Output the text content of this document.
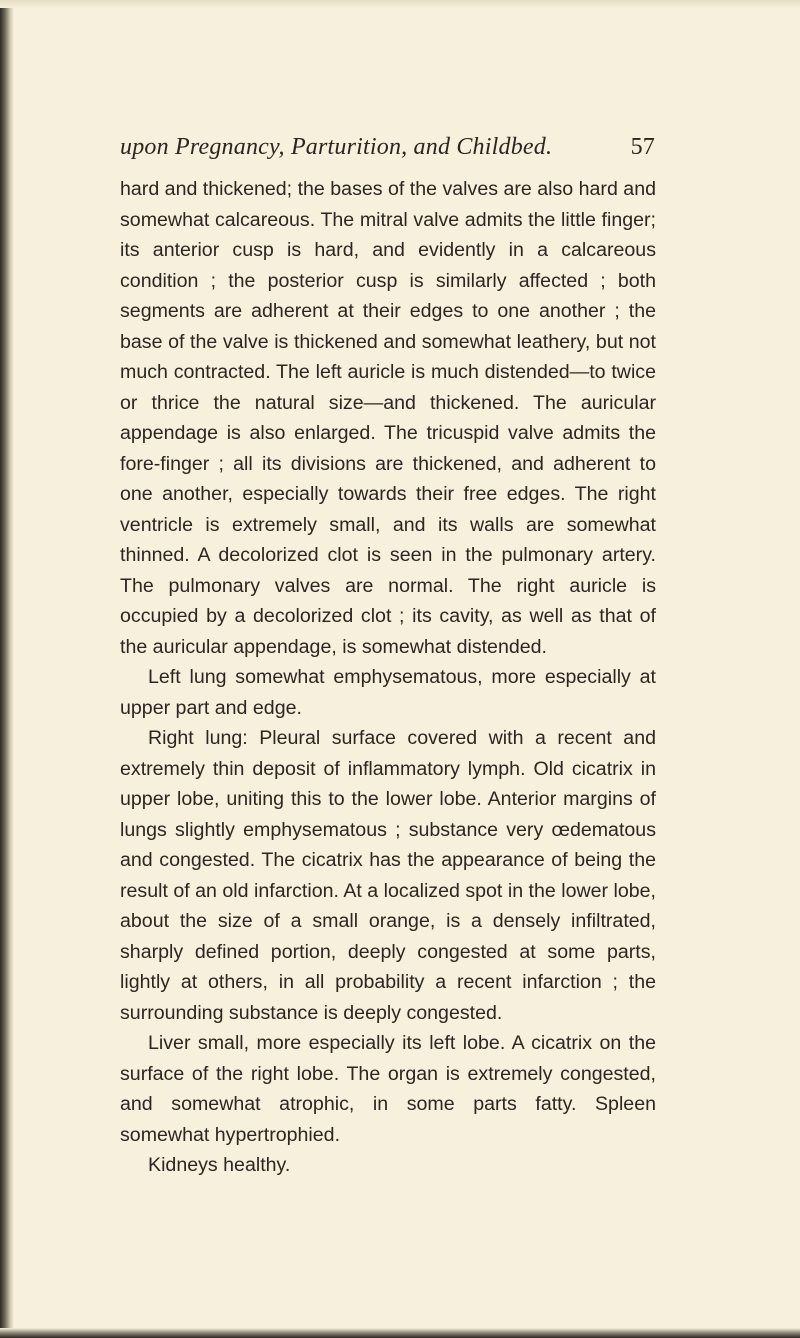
upon Pregnancy, Parturition, and Childbed.	57

hard and thickened; the bases of the valves are also hard and somewhat calcareous. The mitral valve admits the little finger; its anterior cusp is hard, and evidently in a calcareous condition ; the posterior cusp is similarly affected ; both segments are adherent at their edges to one another ; the base of the valve is thickened and somewhat leathery, but not much contracted. The left auricle is much distended—to twice or thrice the natural size—and thickened. The auricular appendage is also enlarged. The tricuspid valve admits the fore-finger ; all its divisions are thickened, and adherent to one another, especially towards their free edges. The right ventricle is extremely small, and its walls are somewhat thinned. A decolorized clot is seen in the pulmonary artery. The pulmonary valves are normal. The right auricle is occupied by a decolorized clot ; its cavity, as well as that of the auricular appendage, is somewhat distended.

Left lung somewhat emphysematous, more especially at upper part and edge.

Right lung: Pleural surface covered with a recent and extremely thin deposit of inflammatory lymph. Old cicatrix in upper lobe, uniting this to the lower lobe. Anterior margins of lungs slightly emphysematous ; substance very œdematous and congested. The cicatrix has the appearance of being the result of an old infarction. At a localized spot in the lower lobe, about the size of a small orange, is a densely infiltrated, sharply defined portion, deeply congested at some parts, lightly at others, in all probability a recent infarction ; the surrounding substance is deeply congested.

Liver small, more especially its left lobe. A cicatrix on the surface of the right lobe. The organ is extremely congested, and somewhat atrophic, in some parts fatty. Spleen somewhat hypertrophied.

Kidneys healthy.
